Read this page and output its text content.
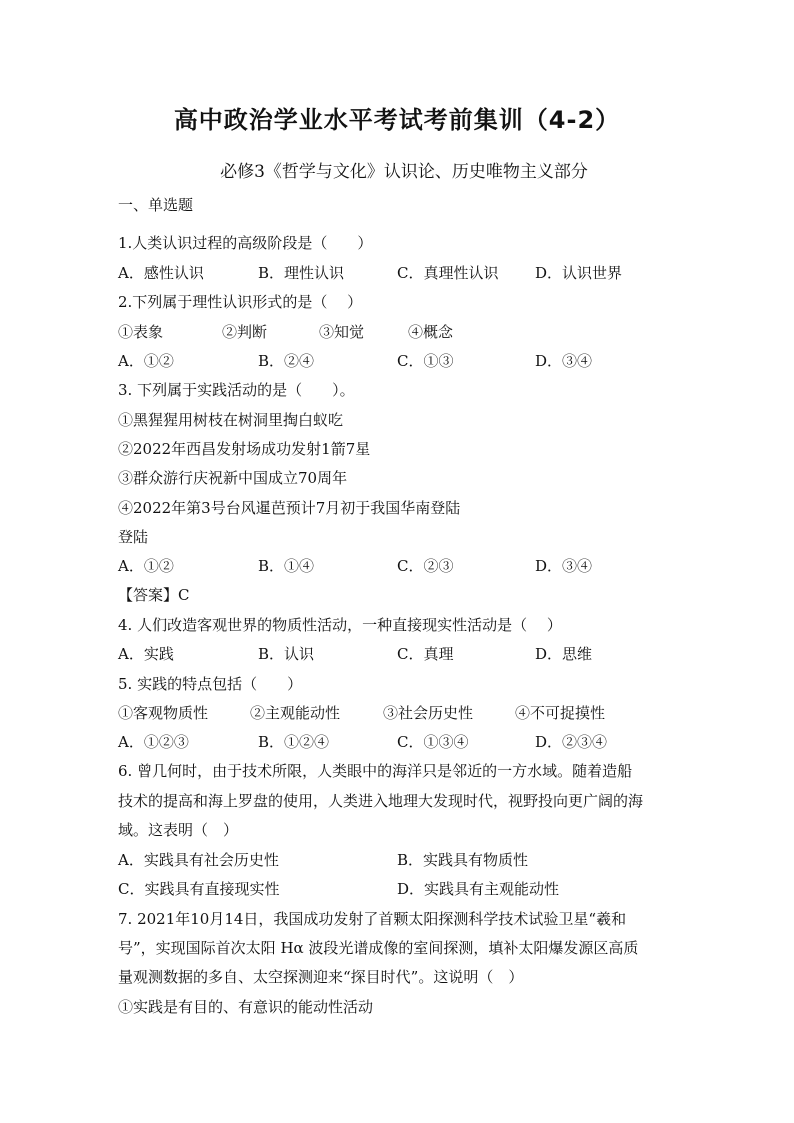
高中政治学业水平考试考前集训（4-2）
必修3《哲学与文化》认识论、历史唯物主义部分
一、单选题
1.人类认识过程的高级阶段是（　　）
A．感性认识	B．理性认识	C．真理性认识 D．认识世界
2.下列属于理性认识形式的是（　 ）
①表象	②判断	③知觉	④概念
A．①②	B．②④	C．①③	D．③④
3. 下列属于实践活动的是（　　）。
①黑猩猩用树枝在树洞里掏白蚁吃
②2022年西昌发射场成功发射1箭7星
③群众游行庆祝新中国成立70周年
④2022年第3号台风暹芭预计7月初于我国华南登陆
登陆
A．①②	B．①④	C．②③	D．③④
【答案】C
4. 人们改造客观世界的物质性活动，一种直接现实性活动是（　 ）
A．实践	B．认识	C．真理	D．思维
5. 实践的特点包括（　　）
①客观物质性	②主观能动性	③社会历史性	④不可捉摸性
A．①②③	B．①②④	C．①③④	D．②③④
6. 曾几何时，由于技术所限，人类眼中的海洋只是邻近的一方水域。随着造船
技术的提高和海上罗盘的使用，人类进入地理大发现时代，视野投向更广阔的海
域。这表明（　）
A．实践具有社会历史性	B．实践具有物质性
C．实践具有直接现实性	D．实践具有主观能动性
7. 2021年10月14日，我国成功发射了首颗太阳探测科学技术试验卫星“羲和
号”，实现国际首次太阳 Hα 波段光谱成像的室间探测，填补太阳爆发源区高质
量观测数据的多自、太空探测迎来“探目时代”。这说明（　）
①实践是有目的、有意识的能动性活动
